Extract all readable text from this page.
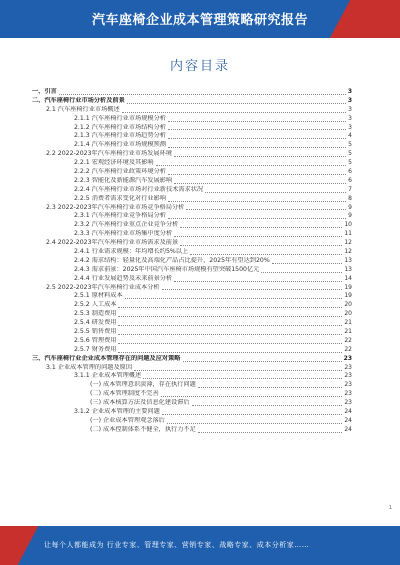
汽车座椅企业成本管理策略研究报告
内容目录
一、引言	3
二、汽车座椅行业市场分析及前景	3
2.1 汽车座椅行业市场概述	3
2.1.1 汽车座椅行业市场规模分析	3
2.1.2 汽车座椅行业市场结构分析	3
2.1.3 汽车座椅行业市场趋势分析	4
2.1.4 汽车座椅行业市场规模预测	5
2.2 2022-2023年汽车座椅行业市场发展环境	5
2.2.1 宏观经济环境及其影响	5
2.2.2 汽车座椅行业政策环境分析	6
2.2.3 智能化及新能源汽车发展影响	6
2.2.4 汽车座椅行业市场对行业新技术需求状况	7
2.2.5 消费者需求变化对行业影响	8
2.3 2022-2023年汽车座椅行业市场竞争格局分析	9
2.3.1 汽车座椅行业竞争格局分析	9
2.3.2 汽车座椅行业重点企业竞争分析	10
2.3.3 汽车座椅行业市场集中度分析	11
2.4 2022-2023年汽车座椅行业市场需求及前景	12
2.4.1 行业需求规模：年均增长约5%以上	12
2.4.2 需求结构：轻量化及高端化产品占比提升，2025年有望达到20%	13
2.4.3 需求前景：2025年中国汽车座椅市场规模有望突破1500亿元	13
2.4.4 行业发展趋势及未来前景分析	14
2.5 2022-2023年汽车座椅行业成本分析	19
2.5.1 原材料成本	19
2.5.2 人工成本	20
2.5.3 制造费用	20
2.5.4 研发费用	21
2.5.5 销售费用	21
2.5.6 管理费用	22
2.5.7 财务费用	22
三、汽车座椅行业企业成本管理存在的问题及应对策略	23
3.1 企业成本管理的问题及原因	23
3.1.1 企业成本管理概述	23
(一) 成本管理意识淡薄，存在执行问题	23
(二) 成本管理制度不完善	23
(三) 成本核算方法及信息化建设滞后	23
3.1.2 企业成本管理的主要问题	24
(一) 企业成本管理观念落后	24
(二) 成本控制体系不健全，执行力不足	24
1
让每个人都能成为 行业专家、管理专家、营销专家、战略专家、成本分析家……
